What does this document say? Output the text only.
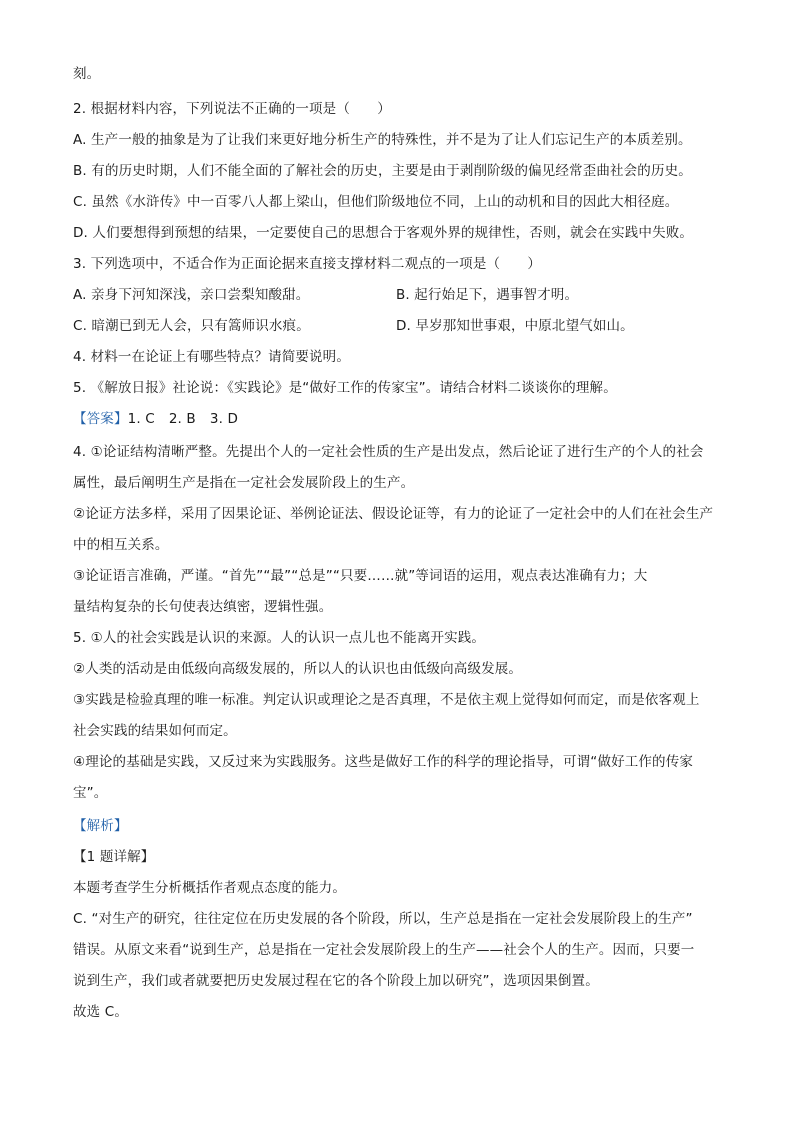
刻。
2. 根据材料内容，下列说法不正确的一项是（　　）
A. 生产一般的抽象是为了让我们来更好地分析生产的特殊性，并不是为了让人们忘记生产的本质差别。
B. 有的历史时期，人们不能全面的了解社会的历史，主要是由于剥削阶级的偏见经常歪曲社会的历史。
C. 虽然《水浒传》中一百零八人都上梁山，但他们阶级地位不同，上山的动机和目的因此大相径庭。
D. 人们要想得到预想的结果，一定要使自己的思想合于客观外界的规律性，否则，就会在实践中失败。
3. 下列选项中，不适合作为正面论据来直接支撑材料二观点的一项是（　　）
A. 亲身下河知深浅，亲口尝梨知酸甜。	B. 起行始足下，遇事智才明。
C. 暗潮已到无人会，只有篙师识水痕。	D. 早岁那知世事艰，中原北望气如山。
4. 材料一在论证上有哪些特点？请简要说明。
5. 《解放日报》社论说：《实践论》是“做好工作的传家宝”。请结合材料二谈谈你的理解。
【答案】1. C 2. B 3. D
4. ①论证结构清晰严整。先提出个人的一定社会性质的生产是出发点，然后论证了进行生产的个人的社会
属性，最后阐明生产是指在一定社会发展阶段上的生产。
②论证方法多样，采用了因果论证、举例论证法、假设论证等，有力的论证了一定社会中的人们在社会生产
中的相互关系。
③论证语言准确，严谨。“首先”“最”“总是”“只要……就”等词语的运用，观点表达准确有力；大
量结构复杂的长句使表达缜密，逻辑性强。
5. ①人的社会实践是认识的来源。人的认识一点儿也不能离开实践。
②人类的活动是由低级向高级发展的，所以人的认识也由低级向高级发展。
③实践是检验真理的唯一标准。判定认识或理论之是否真理，不是依主观上觉得如何而定，而是依客观上
社会实践的结果如何而定。
④理论的基础是实践，又反过来为实践服务。这些是做好工作的科学的理论指导，可谓“做好工作的传家
宝”。
【解析】
【1 题详解】
本题考查学生分析概括作者观点态度的能力。
C. “对生产的研究，往往定位在历史发展的各个阶段，所以，生产总是指在一定社会发展阶段上的生产”
错误。从原文来看“说到生产，总是指在一定社会发展阶段上的生产——社会个人的生产。因而，只要一
说到生产，我们或者就要把历史发展过程在它的各个阶段上加以研究”，选项因果倒置。
故选 C。
